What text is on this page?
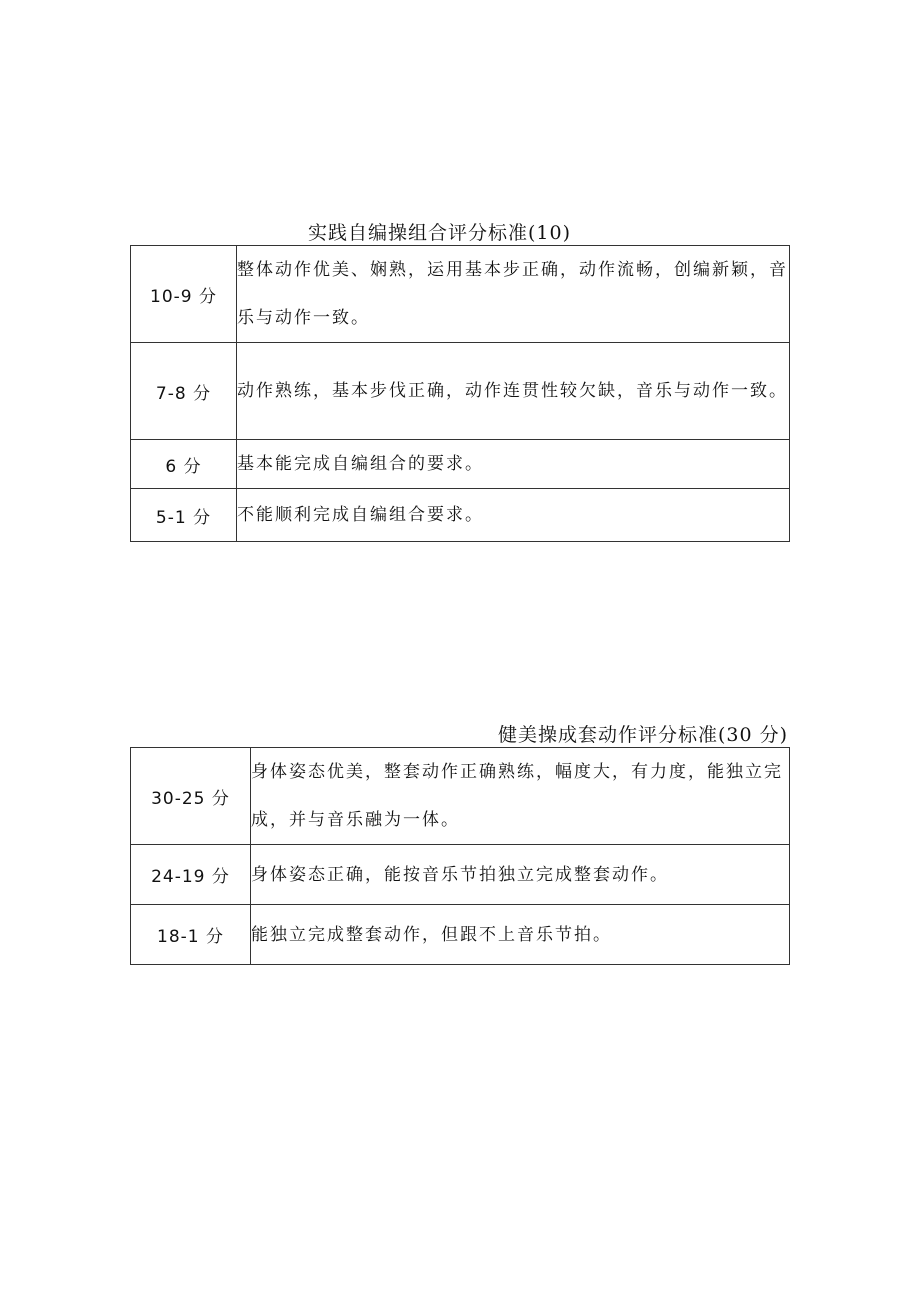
实践自编操组合评分标准(10)
10-9 分	整体动作优美、娴熟，运用基本步正确，动作流畅，创编新颖，音乐与动作一致。
7-8 分	动作熟练，基本步伐正确，动作连贯性较欠缺，音乐与动作一致。
6 分	基本能完成自编组合的要求。
5-1 分	不能顺利完成自编组合要求。
健美操成套动作评分标准(30 分)
30-25 分	身体姿态优美，整套动作正确熟练，幅度大，有力度，能独立完成，并与音乐融为一体。
24-19 分	身体姿态正确，能按音乐节拍独立完成整套动作。
18-1 分	能独立完成整套动作，但跟不上音乐节拍。
